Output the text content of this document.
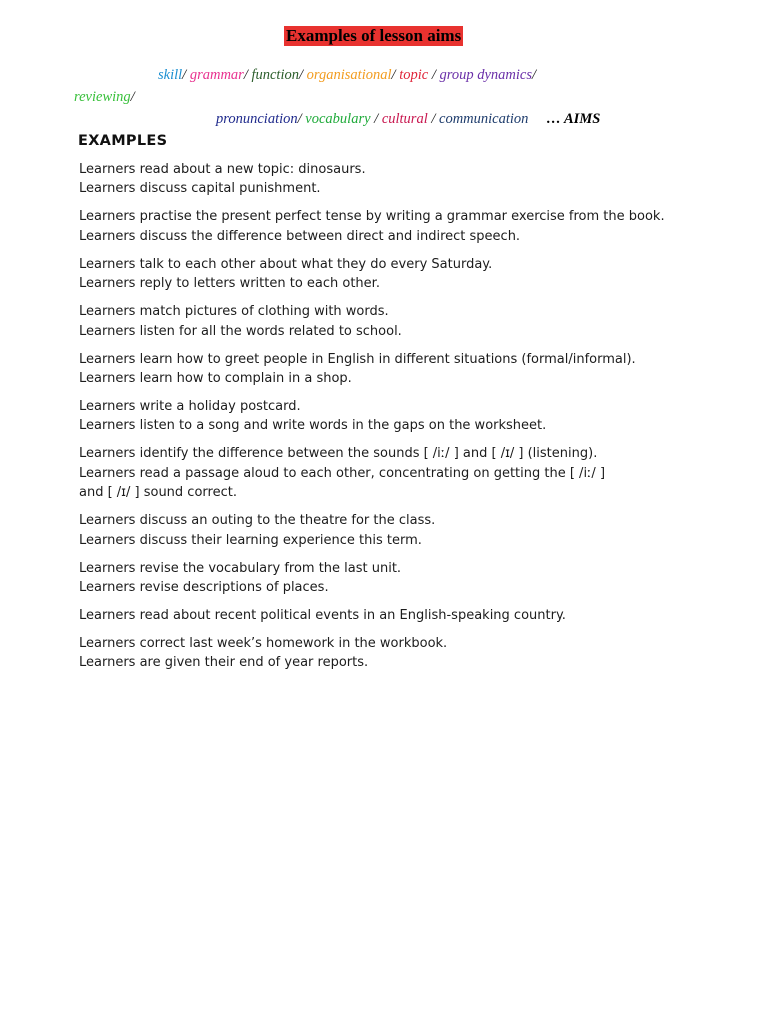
Examples of lesson aims
skill/ grammar/ function/ organisational/ topic / group dynamics/
reviewing/
pronunciation/ vocabulary / cultural / communication … AIMS
EXAMPLES
Learners read about a new topic: dinosaurs.
Learners discuss capital punishment.
Learners practise the present perfect tense by writing a grammar exercise from the book.
Learners discuss the difference between direct and indirect speech.
Learners talk to each other about what they do every Saturday.
Learners reply to letters written to each other.
Learners match pictures of clothing with words.
Learners listen for all the words related to school.
Learners learn how to greet people in English in different situations (formal/informal).
Learners learn how to complain in a shop.
Learners write a holiday postcard.
Learners listen to a song and write words in the gaps on the worksheet.
Learners identify the difference between the sounds [ /iː/ ] and [ /ɪ/ ] (listening).
Learners read a passage aloud to each other, concentrating on getting the [ /iː/ ]
and [ /ɪ/ ] sound correct.
Learners discuss an outing to the theatre for the class.
Learners discuss their learning experience this term.
Learners revise the vocabulary from the last unit.
Learners revise descriptions of places.
Learners read about recent political events in an English-speaking country.
Learners correct last week’s homework in the workbook.
Learners are given their end of year reports.
